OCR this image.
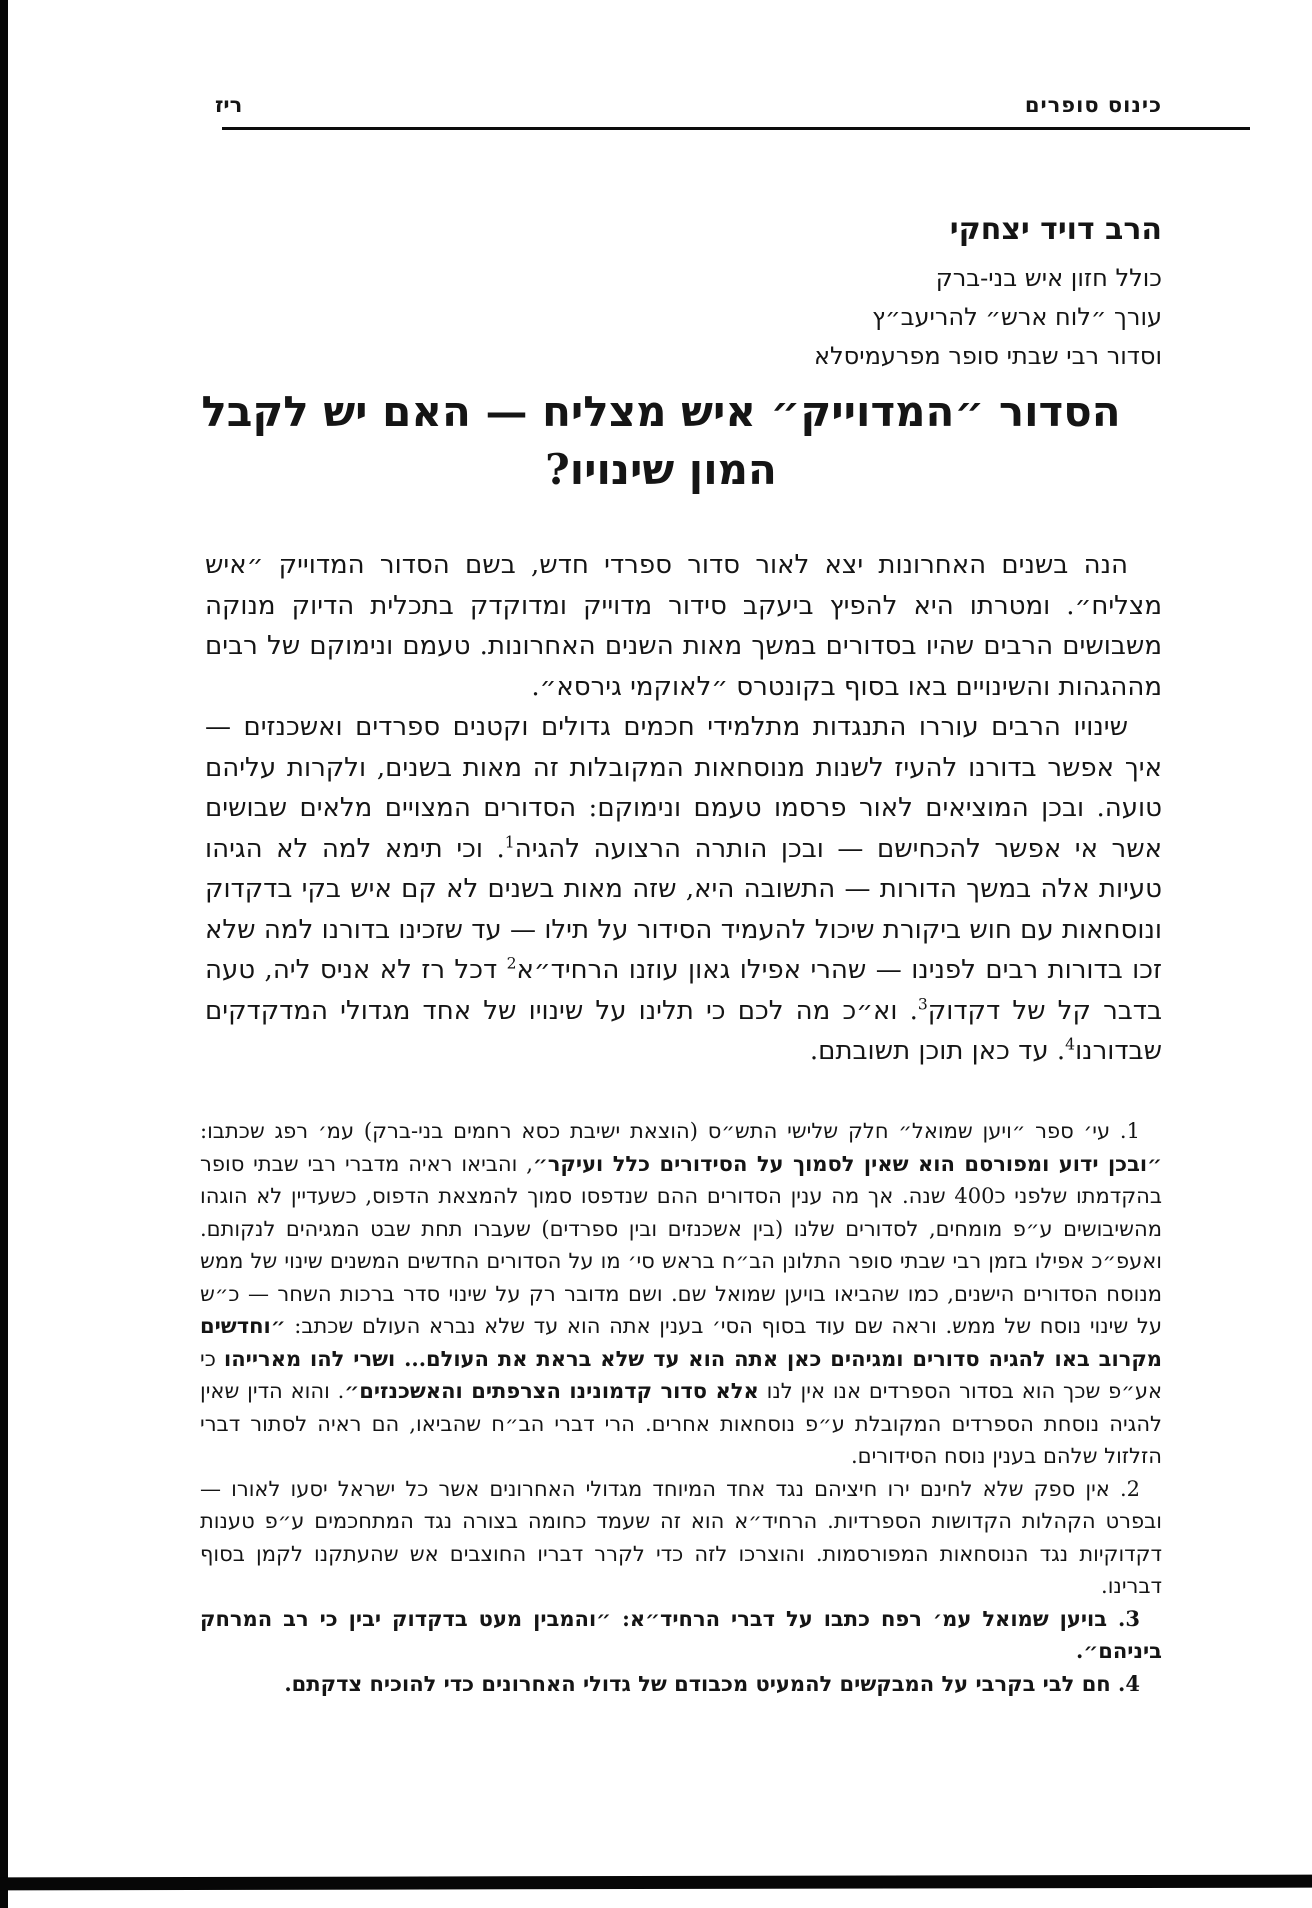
כינוס סופרים
ריז
הרב דויד יצחקי
כולל חזון איש בני-ברק
עורך ״לוח ארש״ להריעב״ץ
וסדור רבי שבתי סופר מפרעמיסלא
הסדור ״המדוייק״ איש מצליח — האם יש לקבל
המון שינויו?

הנה בשנים האחרונות יצא לאור סדור ספרדי חדש, בשם הסדור המדוייק ״איש מצליח״. ומטרתו היא להפיץ ביעקב סידור מדוייק ומדוקדק בתכלית הדיוק מנוקה משבושים הרבים שהיו בסדורים במשך מאות השנים האחרונות. טעמם ונימוקם של רבים מההגהות והשינויים באו בסוף בקונטרס ״לאוקמי גירסא״.

שינויו הרבים עוררו התנגדות מתלמידי חכמים גדולים וקטנים ספרדים ואשכנזים — איך אפשר בדורנו להעיז לשנות מנוסחאות המקובלות זה מאות בשנים, ולקרות עליהם טועה. ובכן המוציאים לאור פרסמו טעמם ונימוקם: הסדורים המצויים מלאים שבושים אשר אי אפשר להכחישם — ובכן הותרה הרצועה להגיה$^1$. וכי תימא למה לא הגיהו טעיות אלה במשך הדורות — התשובה היא, שזה מאות בשנים לא קם איש בקי בדקדוק ונוסחאות עם חוש ביקורת שיכול להעמיד הסידור על תילו — עד שזכינו בדורנו למה שלא זכו בדורות רבים לפנינו — שהרי אפילו גאון עוזנו הרחיד״א$^2$ דכל רז לא אניס ליה, טעה בדבר קל של דקדוק$^3$. וא״כ מה לכם כי תלינו על שינויו של אחד מגדולי המדקדקים שבדורנו$^4$. עד כאן תוכן תשובתם.

1. עי׳ ספר ״ויען שמואל״ חלק שלישי התש״ס (הוצאת ישיבת כסא רחמים בני-ברק) עמ׳ רפג שכתבו: ״ובכן ידוע ומפורסם הוא שאין לסמוך על הסידורים כלל ועיקר״, והביאו ראיה מדברי רבי שבתי סופר בהקדמתו שלפני כ400 שנה. אך מה ענין הסדורים ההם שנדפסו סמוך להמצאת הדפוס, כשעדיין לא הוגהו מהשיבושים ע״פ מומחים, לסדורים שלנו (בין אשכנזים ובין ספרדים) שעברו תחת שבט המגיהים לנקותם. ואעפ״כ אפילו בזמן רבי שבתי סופר התלונן הב״ח בראש סי׳ מו על הסדורים החדשים המשנים שינוי של ממש מנוסח הסדורים הישנים, כמו שהביאו בויען שמואל שם. ושם מדובר רק על שינוי סדר ברכות השחר — כ״ש על שינוי נוסח של ממש. וראה שם עוד בסוף הסי׳ בענין אתה הוא עד שלא נברא העולם שכתב: ״וחדשים מקרוב באו להגיה סדורים ומגיהים כאן אתה הוא עד שלא בראת את העולם... ושרי להו מארייהו כי אע״פ שכך הוא בסדור הספרדים אנו אין לנו אלא סדור קדמונינו הצרפתים והאשכנזים״. והוא הדין שאין להגיה נוסחת הספרדים המקובלת ע״פ נוסחאות אחרים. הרי דברי הב״ח שהביאו, הם ראיה לסתור דברי הזלזול שלהם בענין נוסח הסידורים.

2. אין ספק שלא לחינם ירו חיציהם נגד אחד המיוחד מגדולי האחרונים אשר כל ישראל יסעו לאורו — ובפרט הקהלות הקדושות הספרדיות. הרחיד״א הוא זה שעמד כחומה בצורה נגד המתחכמים ע״פ טענות דקדוקיות נגד הנוסחאות המפורסמות. והוצרכו לזה כדי לקרר דבריו החוצבים אש שהעתקנו לקמן בסוף דברינו.

3. בויען שמואל עמ׳ רפח כתבו על דברי הרחיד״א: ״והמבין מעט בדקדוק יבין כי רב המרחק ביניהם״.

4. חם לבי בקרבי על המבקשים להמעיט מכבודם של גדולי האחרונים כדי להוכיח צדקתם.
